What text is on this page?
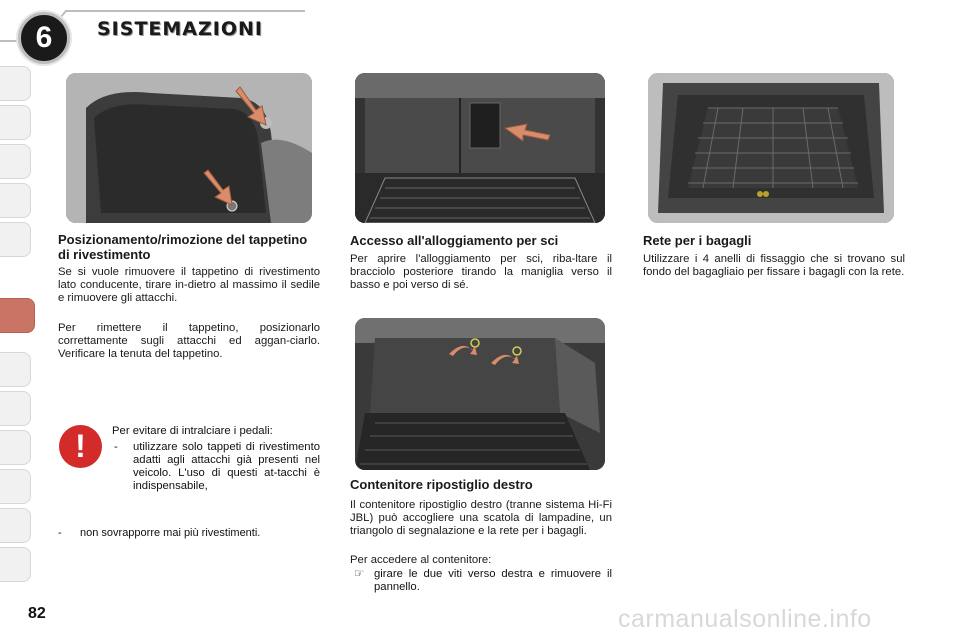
6	SISTEMAZIONI
Posizionamento/rimozione del tappetino di rivestimento

Se si vuole rimuovere il tappetino di rivestimento lato conducente, tirare in-dietro al massimo il sedile e rimuovere gli attacchi.

Per rimettere il tappetino, posizionarlo correttamente sugli attacchi ed aggan-ciarlo. Verificare la tenuta del tappetino.

Accesso all'alloggiamento per sci

Per aprire l'alloggiamento per sci, riba-ltare il bracciolo posteriore tirando la maniglia verso il basso e poi verso di sé.

Rete per i bagagli

Utilizzare i 4 anelli di fissaggio che si trovano sul fondo del bagagliaio per fissare i bagagli con la rete.

Contenitore ripostiglio destro

Il contenitore ripostiglio destro (tranne sistema Hi-Fi JBL) può accogliere una scatola di lampadine, un triangolo di segnalazione e la rete per i bagagli.

Per accedere al contenitore:

☞ girare le due viti verso destra e rimuovere il pannello.
!	Per evitare di intralciare i pedali:

- utilizzare solo tappeti di rivestimento adatti agli attacchi già presenti nel veicolo. L'uso di questi at-tacchi è indispensabile,
- non sovrapporre mai più rivestimenti.
82	carmanualsonline.info
